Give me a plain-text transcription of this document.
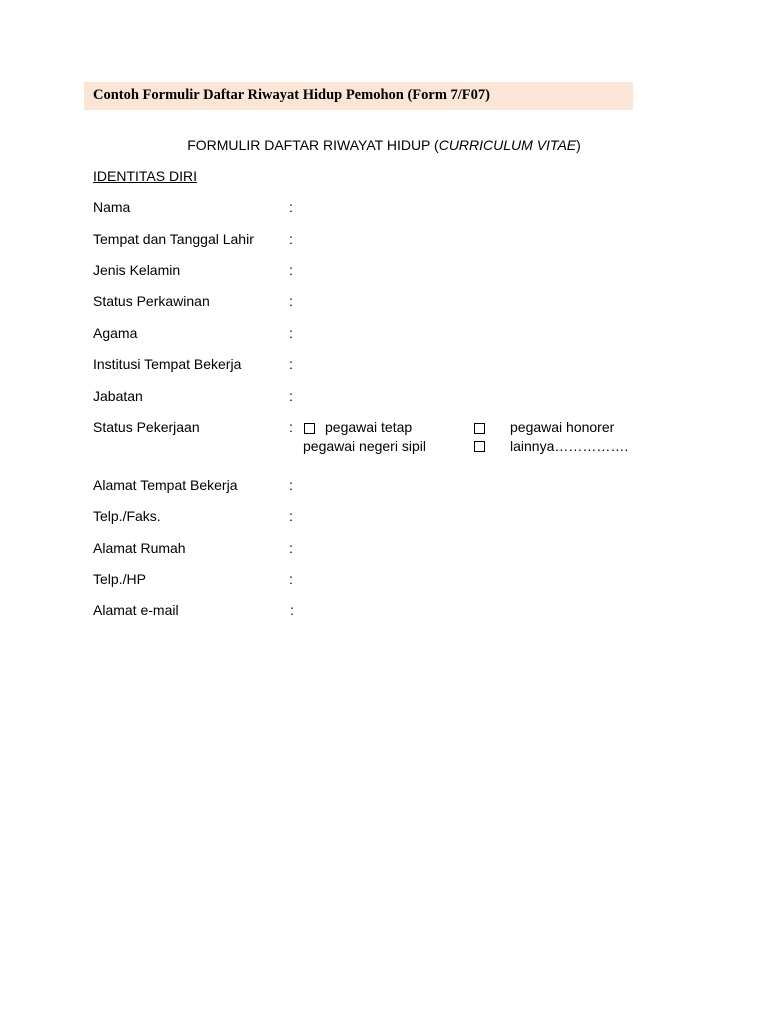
Contoh Formulir Daftar Riwayat Hidup Pemohon (Form 7/F07)
FORMULIR DAFTAR RIWAYAT HIDUP (CURRICULUM VITAE)
IDENTITAS DIRI
Nama	:
Tempat dan Tanggal Lahir	:
Jenis Kelamin	:
Status Perkawinan	:
Agama	:
Institusi Tempat Bekerja	:
Jabatan	:
Status Pekerjaan	: pegawai tetap	pegawai honorer
pegawai negeri sipil	lainnya…………….
Alamat Tempat Bekerja	:
Telp./Faks.	:
Alamat Rumah	:
Telp./HP	:
Alamat e-mail	:
